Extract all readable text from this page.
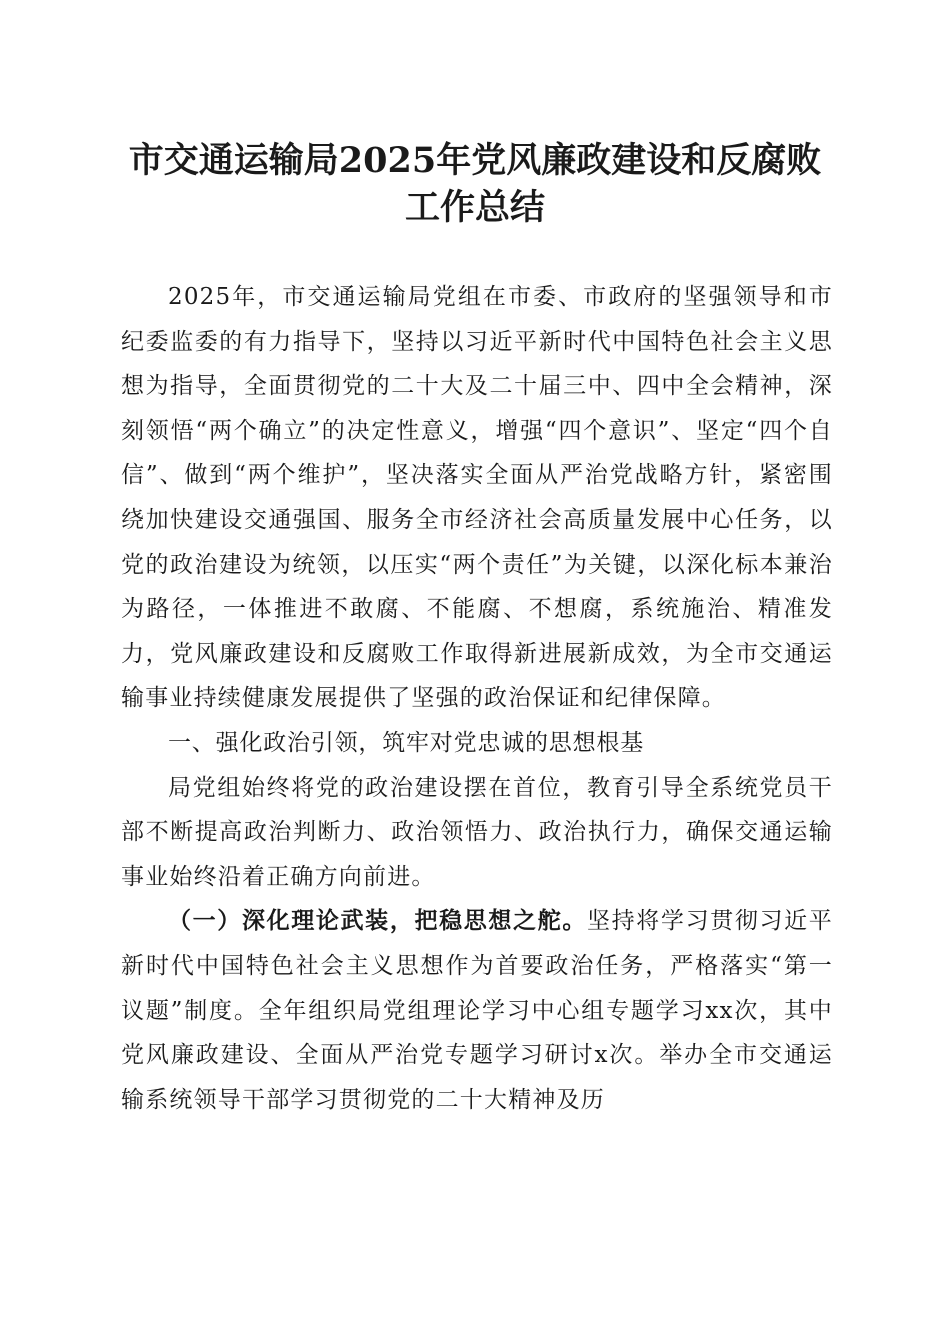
市交通运输局2025年党风廉政建设和反腐败
工作总结

2025年，市交通运输局党组在市委、市政府的坚强领导和市纪委监委的有力指导下，坚持以习近平新时代中国特色社会主义思想为指导，全面贯彻党的二十大及二十届三中、四中全会精神，深刻领悟“两个确立”的决定性意义，增强“四个意识”、坚定“四个自信”、做到“两个维护”，坚决落实全面从严治党战略方针，紧密围绕加快建设交通强国、服务全市经济社会高质量发展中心任务，以党的政治建设为统领，以压实“两个责任”为关键，以深化标本兼治为路径，一体推进不敢腐、不能腐、不想腐，系统施治、精准发力，党风廉政建设和反腐败工作取得新进展新成效，为全市交通运输事业持续健康发展提供了坚强的政治保证和纪律保障。

一、强化政治引领，筑牢对党忠诚的思想根基

局党组始终将党的政治建设摆在首位，教育引导全系统党员干部不断提高政治判断力、政治领悟力、政治执行力，确保交通运输事业始终沿着正确方向前进。

（一）深化理论武装，把稳思想之舵。坚持将学习贯彻习近平新时代中国特色社会主义思想作为首要政治任务，严格落实“第一议题”制度。全年组织局党组理论学习中心组专题学习xx次，其中党风廉政建设、全面从严治党专题学习研讨x次。举办全市交通运输系统领导干部学习贯彻党的二十大精神及历
